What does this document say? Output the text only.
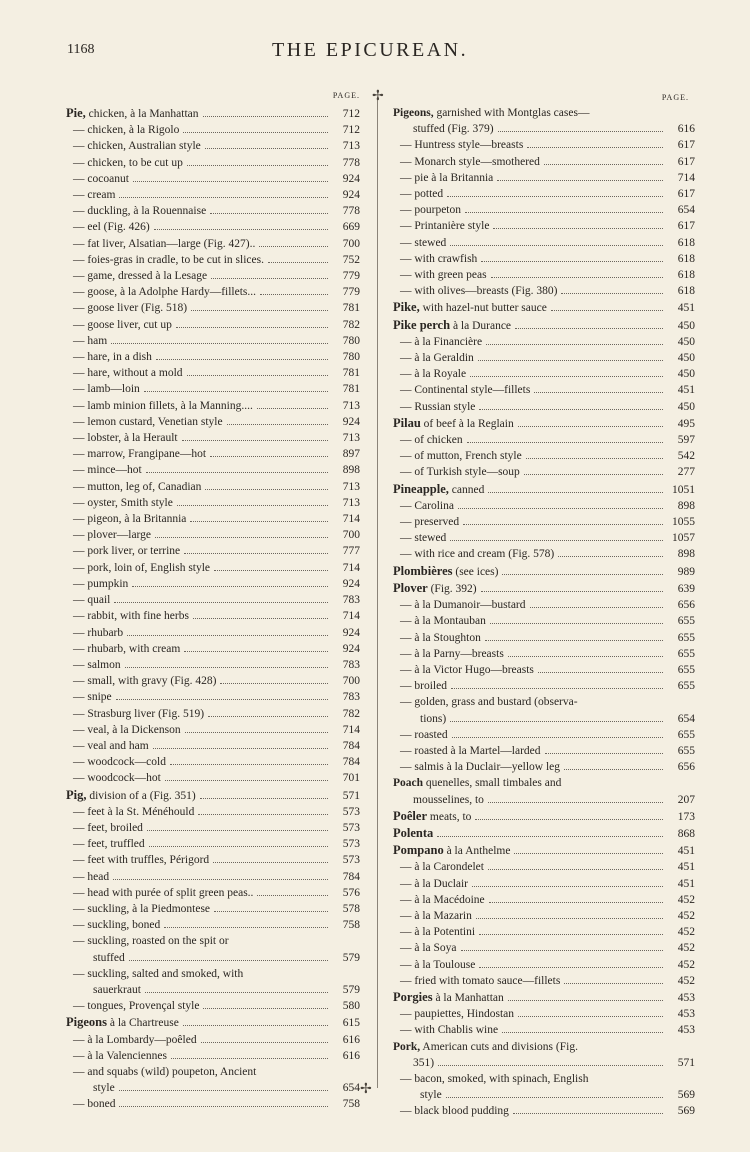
1168	THE EPICUREAN.
✢
✢
PAGE.
Pie, chicken, à la Manhattan	712
— chicken, à la Rigolo	712
— chicken, Australian style	713
— chicken, to be cut up	778
— cocoanut	924
— cream	924
— duckling, à la Rouennaise	778
— eel (Fig. 426)	669
— fat liver, Alsatian—large (Fig. 427)..	700
— foies-gras in cradle, to be cut in slices.	752
— game, dressed à la Lesage	779
— goose, à la Adolphe Hardy—fillets...	779
— goose liver (Fig. 518)	781
— goose liver, cut up	782
— ham	780
— hare, in a dish	780
— hare, without a mold	781
— lamb—loin	781
— lamb minion fillets, à la Manning....	713
— lemon custard, Venetian style	924
— lobster, à la Herault	713
— marrow, Frangipane—hot	897
— mince—hot	898
— mutton, leg of, Canadian	713
— oyster, Smith style	713
— pigeon, à la Britannia	714
— plover—large	700
— pork liver, or terrine	777
— pork, loin of, English style	714
— pumpkin	924
— quail	783
— rabbit, with fine herbs	714
— rhubarb	924
— rhubarb, with cream	924
— salmon	783
— small, with gravy (Fig. 428)	700
— snipe	783
— Strasburg liver (Fig. 519)	782
— veal, à la Dickenson	714
— veal and ham	784
— woodcock—cold	784
— woodcock—hot	701
Pig, division of a (Fig. 351)	571
— feet à la St. Ménéhould	573
— feet, broiled	573
— feet, truffled	573
— feet with truffles, Périgord	573
— head	784
— head with purée of split green peas..	576
— suckling, à la Piedmontese	578
— suckling, boned	758
— suckling, roasted on the spit or
stuffed	579
— suckling, salted and smoked, with
sauerkraut	579
— tongues, Provençal style	580
Pigeons à la Chartreuse	615
— à la Lombardy—poêled	616
— à la Valenciennes	616
— and squabs (wild) poupeton, Ancient
style	654
— boned	758
PAGE.
Pigeons, garnished with Montglas cases—
stuffed (Fig. 379)	616
— Huntress style—breasts	617
— Monarch style—smothered	617
— pie à la Britannia	714
— potted	617
— pourpeton	654
— Printanière style	617
— stewed	618
— with crawfish	618
— with green peas	618
— with olives—breasts (Fig. 380)	618
Pike, with hazel-nut butter sauce	451
Pike perch à la Durance	450
— à la Financière	450
— à la Geraldin	450
— à la Royale	450
— Continental style—fillets	451
— Russian style	450
Pilau of beef à la Reglain	495
— of chicken	597
— of mutton, French style	542
— of Turkish style—soup	277
Pineapple, canned	1051
— Carolina	898
— preserved	1055
— stewed	1057
— with rice and cream (Fig. 578)	898
Plombières (see ices)	989
Plover (Fig. 392)	639
— à la Dumanoir—bustard	656
— à la Montauban	655
— à la Stoughton	655
— à la Parny—breasts	655
— à la Victor Hugo—breasts	655
— broiled	655
— golden, grass and bustard (observa-
tions)	654
— roasted	655
— roasted à la Martel—larded	655
— salmis à la Duclair—yellow leg	656
Poach quenelles, small timbales and
mousselines, to	207
Poêler meats, to	173
Polenta	868
Pompano à la Anthelme	451
— à la Carondelet	451
— à la Duclair	451
— à la Macédoine	452
— à la Mazarin	452
— à la Potentini	452
— à la Soya	452
— à la Toulouse	452
— fried with tomato sauce—fillets	452
Porgies à la Manhattan	453
— paupiettes, Hindostan	453
— with Chablis wine	453
Pork, American cuts and divisions (Fig.
351)	571
— bacon, smoked, with spinach, English
style	569
— black blood pudding	569
